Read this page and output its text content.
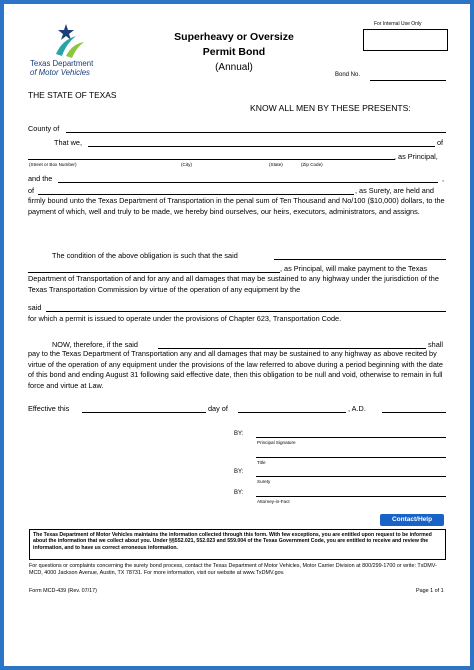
Texas Department
of Motor Vehicles
Superheavy or Oversize
Permit Bond
(Annual)
For Internal Use Only
Bond No.
THE STATE OF TEXAS
KNOW ALL MEN BY THESE PRESENTS:
County of
That we,	of
, as Principal,
(Street or Box Number)	(City)	(State)	(Zip Code)
and the	,
of	, as Surety, are held and
firmly bound unto the Texas Department of Transportation in the penal sum of Ten Thousand and No/100 ($10,000) dollars, to the payment of which, well and truly to be made, we hereby bind ourselves, our heirs, executors, administrators, and assigns.
The condition of the above obligation is such that the said
, as Principal, will make payment to the Texas
Department of Transportation of and for any and all damages that may be sustained to any highway under the jurisdiction of the Texas Transportation Commission by virtue of the operation of any equipment by the
said
for which a permit is issued to operate under the provisions of Chapter 623, Transportation Code.
NOW, therefore, if the said	shall
pay to the Texas Department of Transportation any and all damages that may be sustained to any highway as above recited by virtue of the operation of any equipment under the provisions of the law referred to above during a period beginning with the date of this bond and ending August 31 following said effective date, then this obligation to be null and void, otherwise to remain in full force and virtue at Law.
Effective this	day of	, A.D.
BY:
Principal Signature
Title
BY:
Surety
BY:
Attorney-in-Fact
Contact/Help
The Texas Department of Motor Vehicles maintains the information collected through this form. With few exceptions, you are entitled upon request to be informed about the information that we collect about you. Under §§552.021, 552.023 and 559.004 of the Texas Government Code, you are entitled to receive and review the information, and to have us correct erroneous information.
For questions or complaints concerning the surety bond process, contact the Texas Department of Motor Vehicles, Motor Carrier Division at 800/299-1700 or write: TxDMV-MCD, 4000 Jackson Avenue, Austin, TX 78731. For more information, visit our website at www.TxDMV.gov.
Form MCD-439 (Rev. 07/17)	Page 1 of 1
